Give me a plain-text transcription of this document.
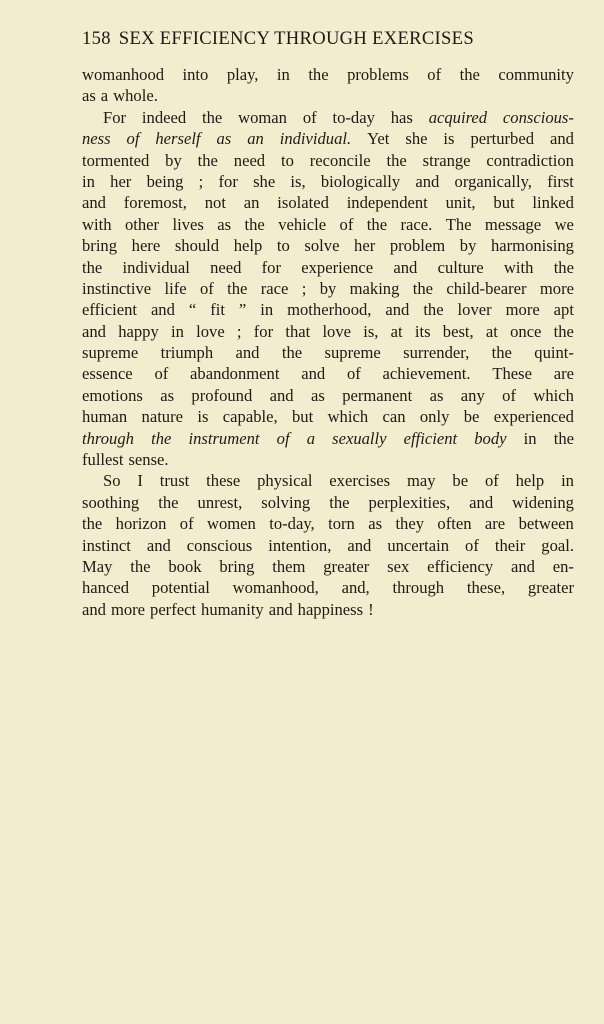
158 SEX EFFICIENCY THROUGH EXERCISES
womanhood into play, in the problems of the community
as a whole.
For indeed the woman of to-day has acquired conscious-
ness of herself as an individual. Yet she is perturbed and
tormented by the need to reconcile the strange contradiction
in her being ; for she is, biologically and organically, first
and foremost, not an isolated independent unit, but linked
with other lives as the vehicle of the race. The message we
bring here should help to solve her problem by harmonising
the individual need for experience and culture with the
instinctive life of the race ; by making the child-bearer more
efficient and “ fit ” in motherhood, and the lover more apt
and happy in love ; for that love is, at its best, at once the
supreme triumph and the supreme surrender, the quint-
essence of abandonment and of achievement. These are
emotions as profound and as permanent as any of which
human nature is capable, but which can only be experienced
through the instrument of a sexually efficient body in the
fullest sense.
So I trust these physical exercises may be of help in
soothing the unrest, solving the perplexities, and widening
the horizon of women to-day, torn as they often are between
instinct and conscious intention, and uncertain of their goal.
May the book bring them greater sex efficiency and en-
hanced potential womanhood, and, through these, greater
and more perfect humanity and happiness !
